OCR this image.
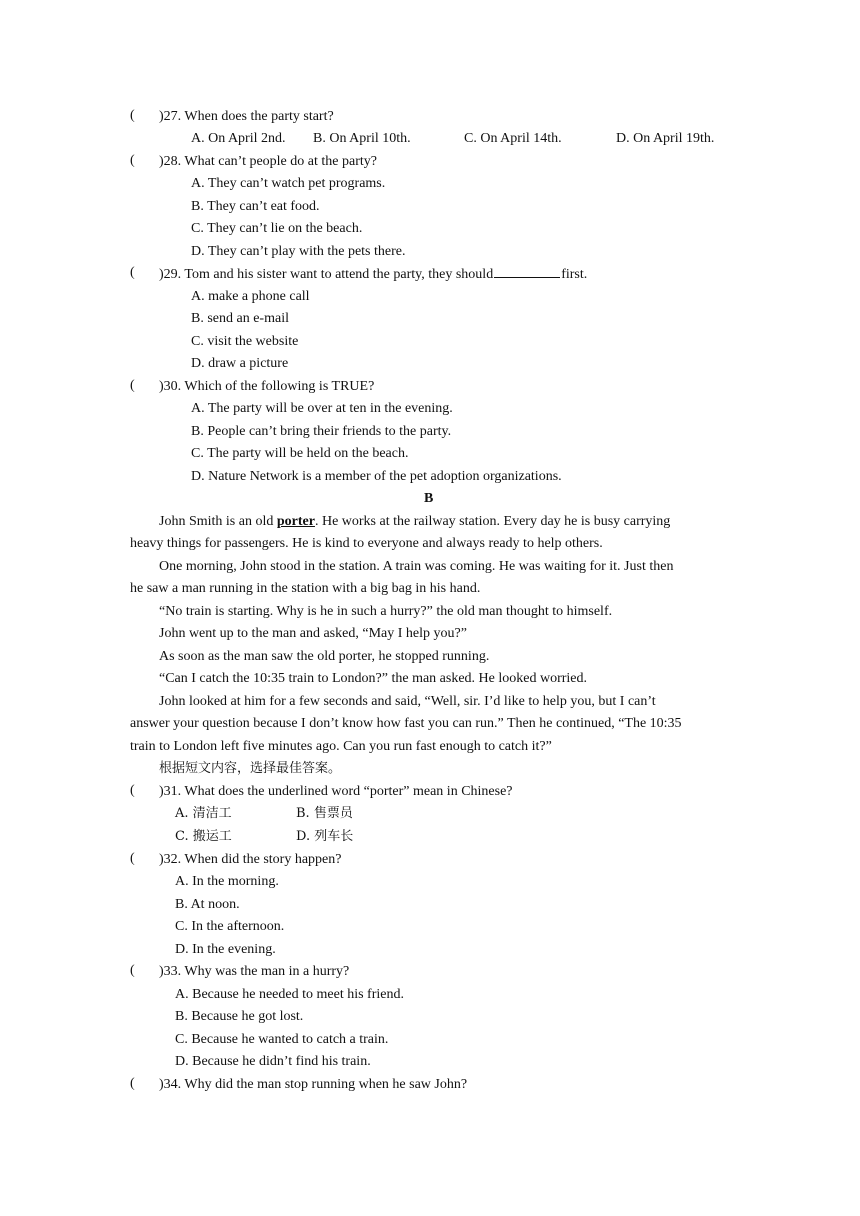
( )27. When does the party start?
A. On April 2nd. B. On April 10th.	C. On April 14th.	D. On April 19th.
( )28. What can’t people do at the party?
A. They can’t watch pet programs.
B. They can’t eat food.
C. They can’t lie on the beach.
D. They can’t play with the pets there.
( )29. Tom and his sister want to attend the party, they should	first.
A. make a phone call
B. send an e-mail
C. visit the website
D. draw a picture
( )30. Which of the following is TRUE?
A. The party will be over at ten in the evening.
B. People can’t bring their friends to the party.
C. The party will be held on the beach.
D. Nature Network is a member of the pet adoption organizations.
B
John Smith is an old porter. He works at the railway station. Every day he is busy carrying
heavy things for passengers. He is kind to everyone and always ready to help others.
One morning, John stood in the station. A train was coming. He was waiting for it. Just then
he saw a man running in the station with a big bag in his hand.
“No train is starting. Why is he in such a hurry?” the old man thought to himself.
John went up to the man and asked, “May I help you?”
As soon as the man saw the old porter, he stopped running.
“Can I catch the 10:35 train to London?” the man asked. He looked worried.
John looked at him for a few seconds and said, “Well, sir. I’d like to help you, but I can’t
answer your question because I don’t know how fast you can run.” Then he continued, “The 10:35
train to London left five minutes ago. Can you run fast enough to catch it?”
根据短文内容，选择最佳答案。
( )31. What does the underlined word “porter” mean in Chinese?
A. 清洁工	B. 售票员
C. 搬运工	D. 列车长
( )32. When did the story happen?
A. In the morning.
B. At noon.
C. In the afternoon.
D. In the evening.
( )33. Why was the man in a hurry?
A. Because he needed to meet his friend.
B. Because he got lost.
C. Because he wanted to catch a train.
D. Because he didn’t find his train.
( )34. Why did the man stop running when he saw John?
